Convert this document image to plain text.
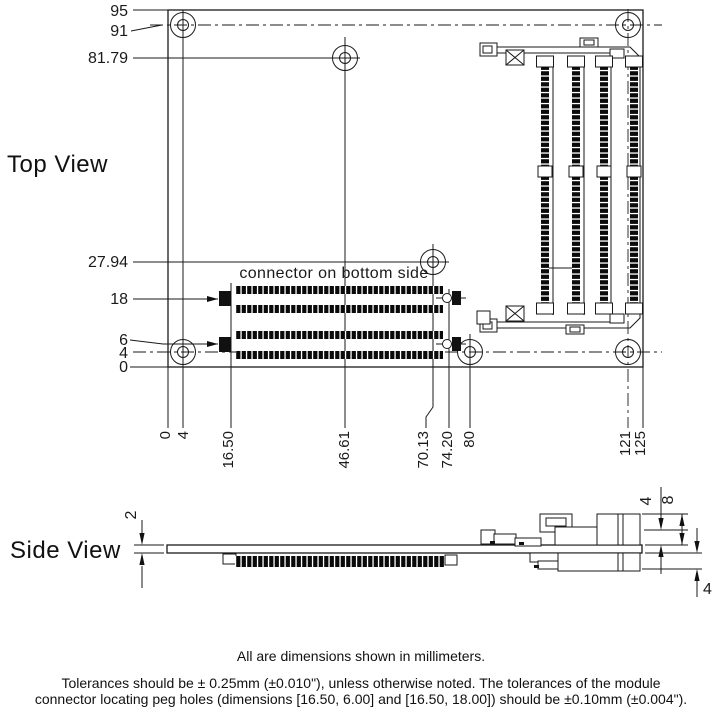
Top View
connector on bottom side
95
91
81.79
27.94
18
6
4
0
0 4 16.50	46.61	70.13 74.20 80	121
125
2
4 8
4
Side View
All are dimensions shown in millimeters.
Tolerances should be ± 0.25mm (±0.010"), unless otherwise noted. The tolerances of the module
connector locating peg holes (dimensions [16.50, 6.00] and [16.50, 18.00]) should be ±0.10mm (±0.004").
